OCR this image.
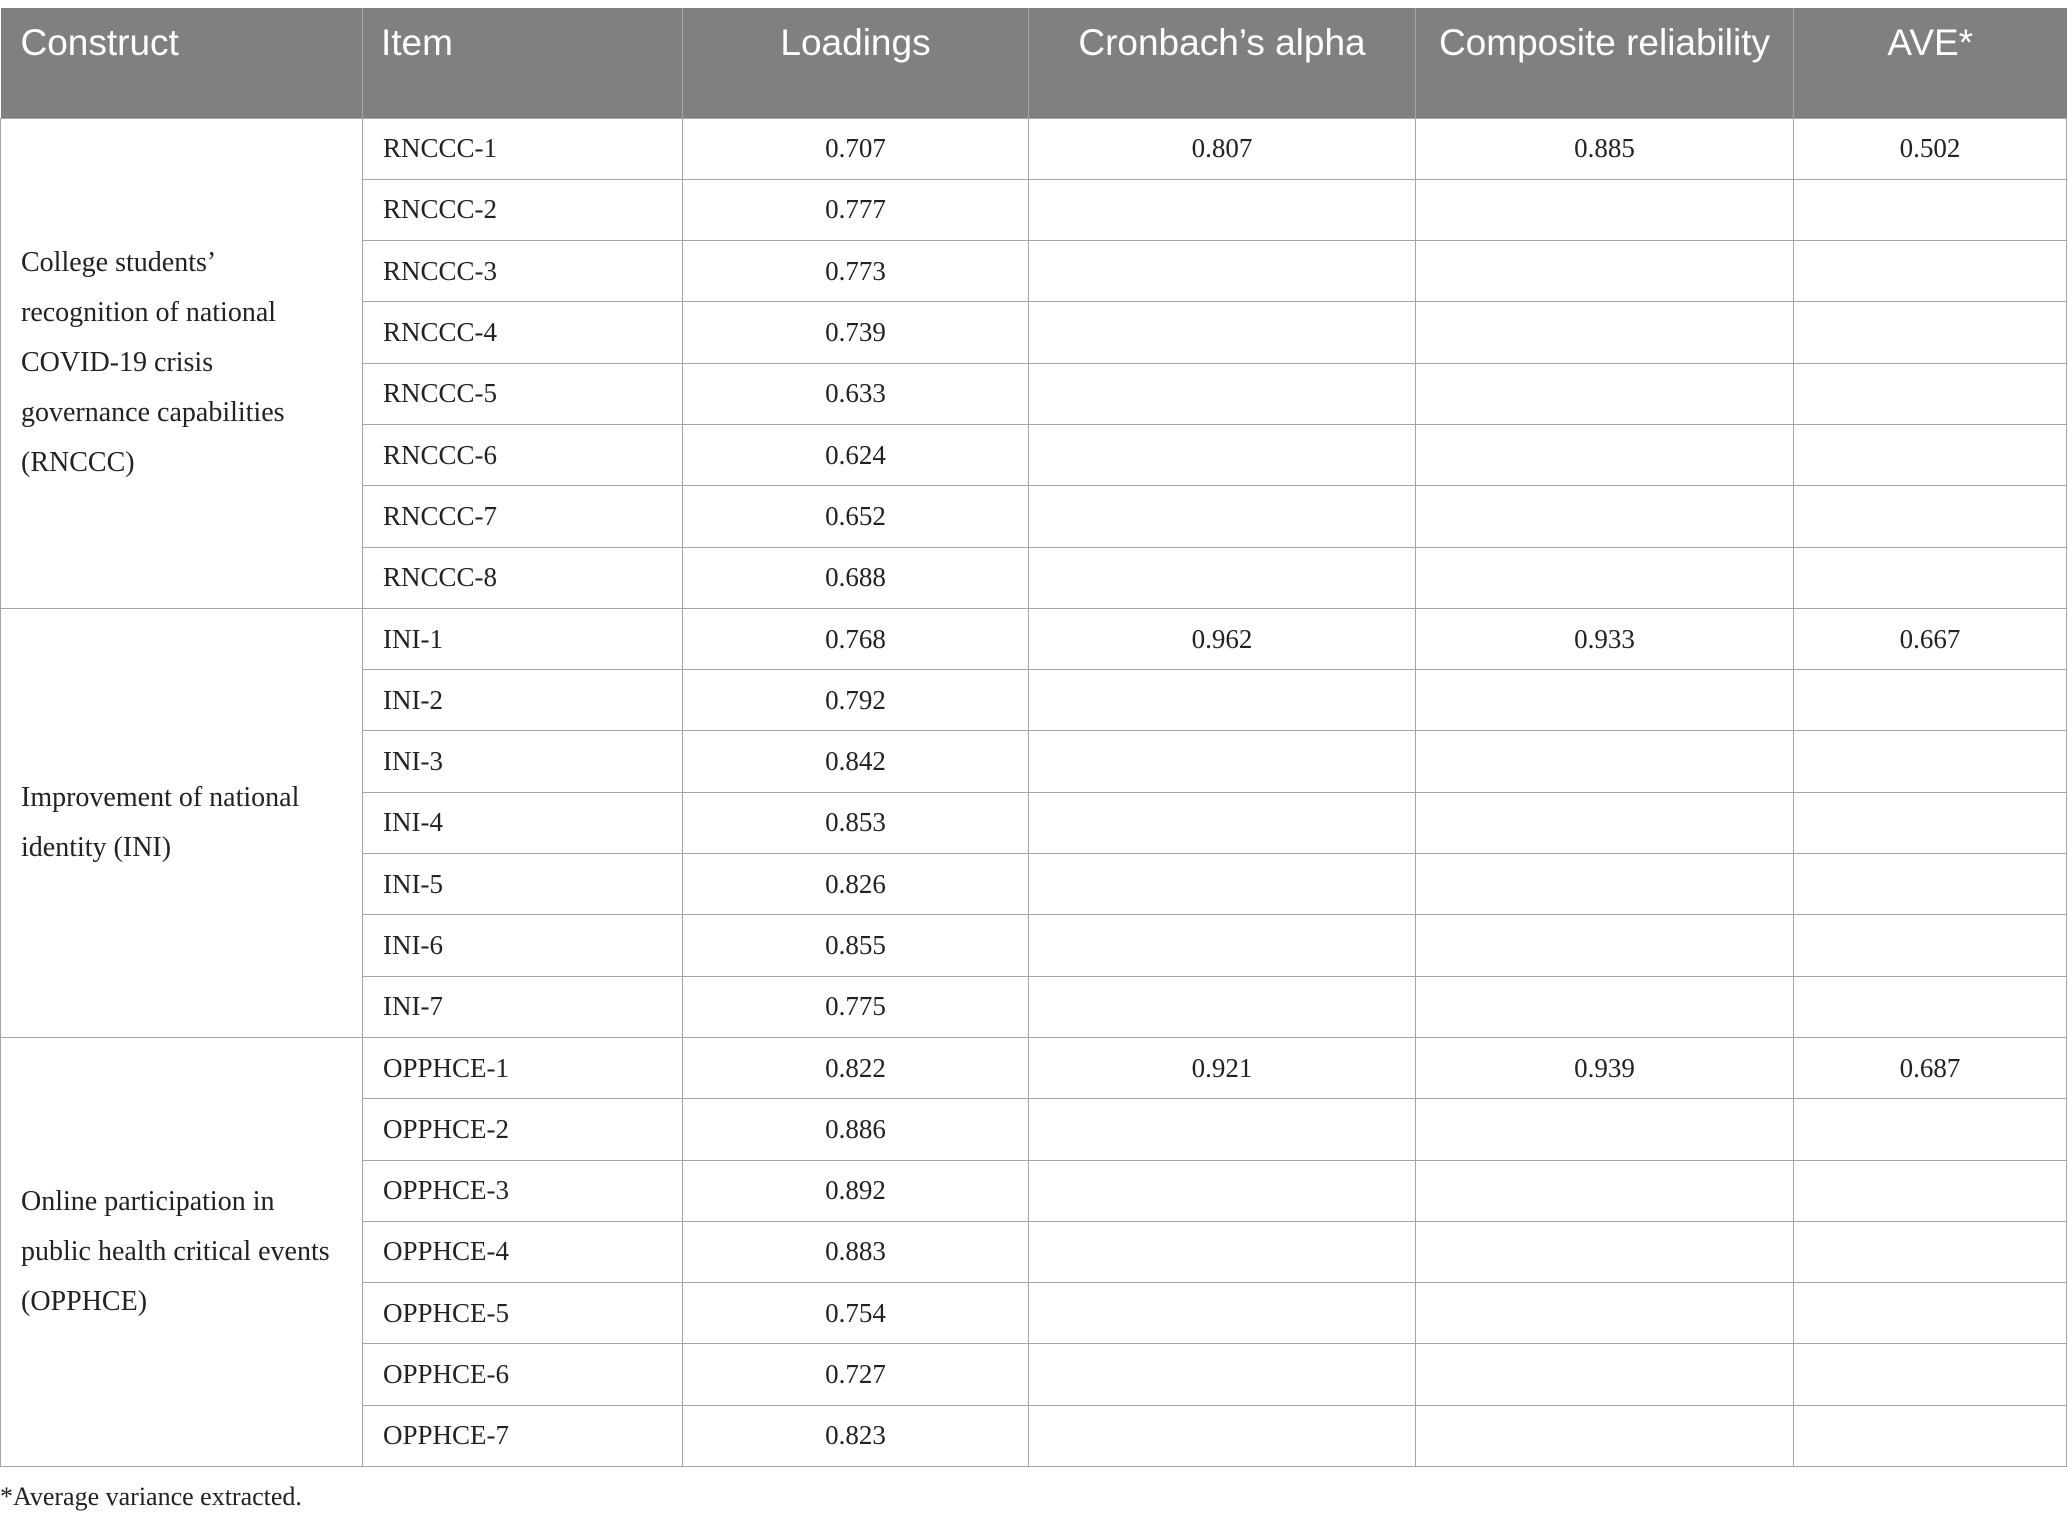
Construct	Item	Loadings	Cronbach’s alpha	Composite reliability	AVE*
College students’ recognition of national COVID-19 crisis governance capabilities (RNCCC)	RNCCC-1	0.707	0.807	0.885	0.502
	RNCCC-2	0.777			
	RNCCC-3	0.773			
	RNCCC-4	0.739			
	RNCCC-5	0.633			
	RNCCC-6	0.624			
	RNCCC-7	0.652			
	RNCCC-8	0.688			
Improvement of national identity (INI)	INI-1	0.768	0.962	0.933	0.667
	INI-2	0.792			
	INI-3	0.842			
	INI-4	0.853			
	INI-5	0.826			
	INI-6	0.855			
	INI-7	0.775			
Online participation in public health critical events (OPPHCE)	OPPHCE-1	0.822	0.921	0.939	0.687
	OPPHCE-2	0.886			
	OPPHCE-3	0.892			
	OPPHCE-4	0.883			
	OPPHCE-5	0.754			
	OPPHCE-6	0.727			
	OPPHCE-7	0.823			
*Average variance extracted.
